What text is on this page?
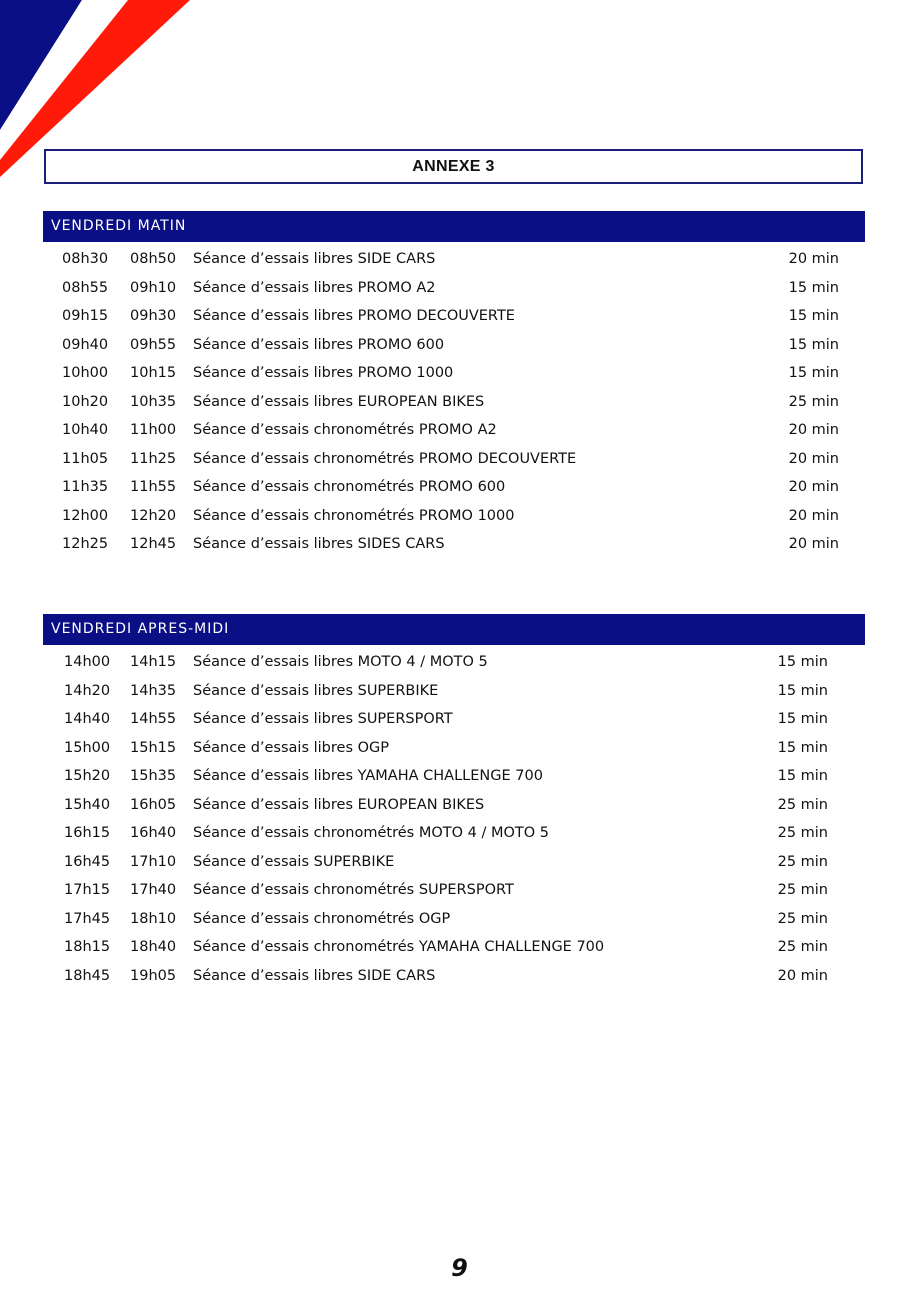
ANNEXE 3
VENDREDI MATIN
08h30 08h50 Séance d’essais libres SIDE CARS	20 min
08h55 09h10 Séance d’essais libres PROMO A2	15 min
09h15 09h30 Séance d’essais libres PROMO DECOUVERTE	15 min
09h40 09h55 Séance d’essais libres PROMO 600	15 min
10h00 10h15 Séance d’essais libres PROMO 1000	15 min
10h20 10h35 Séance d’essais libres EUROPEAN BIKES	25 min
10h40 11h00 Séance d’essais chronométrés PROMO A2	20 min
11h05 11h25 Séance d’essais chronométrés PROMO DECOUVERTE	20 min
11h35 11h55 Séance d’essais chronométrés PROMO 600	20 min
12h00 12h20 Séance d’essais chronométrés PROMO 1000	20 min
12h25 12h45 Séance d’essais libres SIDES CARS	20 min
VENDREDI APRES-MIDI
14h00 14h15 Séance d’essais libres MOTO 4 / MOTO 5	15 min
14h20 14h35 Séance d’essais libres SUPERBIKE	15 min
14h40 14h55 Séance d’essais libres SUPERSPORT	15 min
15h00 15h15 Séance d’essais libres OGP	15 min
15h20 15h35 Séance d’essais libres YAMAHA CHALLENGE 700	15 min
15h40 16h05 Séance d’essais libres EUROPEAN BIKES	25 min
16h15 16h40 Séance d’essais chronométrés MOTO 4 / MOTO 5	25 min
16h45 17h10 Séance d’essais SUPERBIKE	25 min
17h15 17h40 Séance d’essais chronométrés SUPERSPORT	25 min
17h45 18h10 Séance d’essais chronométrés OGP	25 min
18h15 18h40 Séance d’essais chronométrés YAMAHA CHALLENGE 700	25 min
18h45 19h05 Séance d’essais libres SIDE CARS	20 min
9
